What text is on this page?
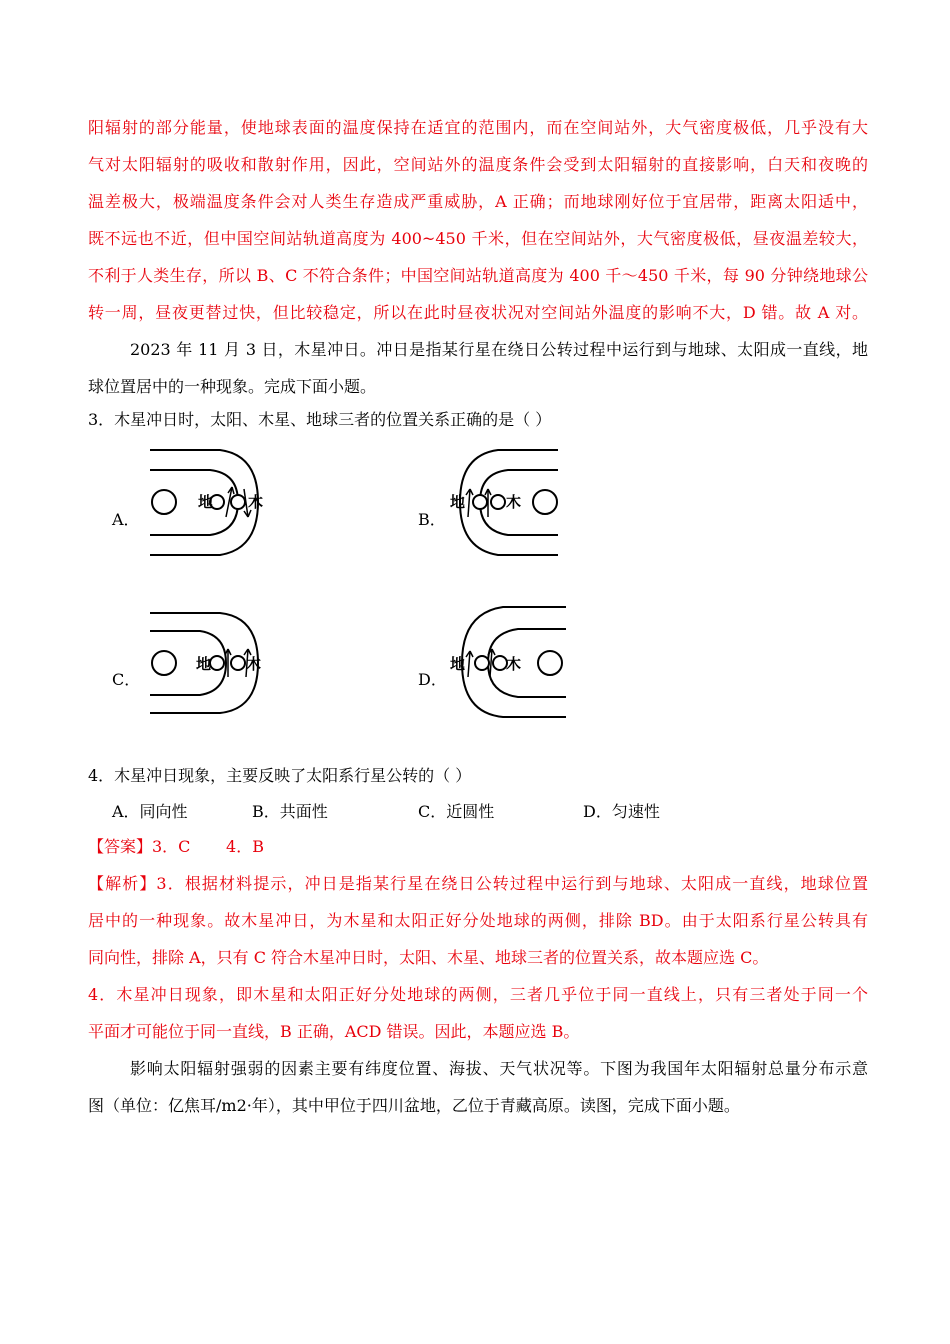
阳辐射的部分能量，使地球表面的温度保持在适宜的范围内，而在空间站外，大气密度极低，几乎没有大
气对太阳辐射的吸收和散射作用，因此，空间站外的温度条件会受到太阳辐射的直接影响，白天和夜晚的
温差极大，极端温度条件会对人类生存造成严重威胁，A 正确；而地球刚好位于宜居带，距离太阳适中，
既不远也不近，但中国空间站轨道高度为 400~450 千米，但在空间站外，大气密度极低，昼夜温差较大，
不利于人类生存，所以 B、C 不符合条件；中国空间站轨道高度为 400 千～450 千米，每 90 分钟绕地球公
转一周，昼夜更替过快，但比较稳定，所以在此时昼夜状况对空间站外温度的影响不大，D 错。故 A 对。
2023 年 11 月 3 日，木星冲日。冲日是指某行星在绕日公转过程中运行到与地球、太阳成一直线，地
球位置居中的一种现象。完成下面小题。
3．木星冲日时，太阳、木星、地球三者的位置关系正确的是（ ）
A．
地 木
B．
地	木
C．
地 木
D．
地	木
4．木星冲日现象，主要反映了太阳系行星公转的（ ）
A．同向性	B．共面性	C．近圆性	D．匀速性
【答案】3．C       4．B
【解析】3．根据材料提示，冲日是指某行星在绕日公转过程中运行到与地球、太阳成一直线，地球位置
居中的一种现象。故木星冲日，为木星和太阳正好分处地球的两侧，排除 BD。由于太阳系行星公转具有
同向性，排除 A，只有 C 符合木星冲日时，太阳、木星、地球三者的位置关系，故本题应选 C。
4．木星冲日现象，即木星和太阳正好分处地球的两侧，三者几乎位于同一直线上，只有三者处于同一个
平面才可能位于同一直线，B 正确，ACD 错误。因此，本题应选 B。
影响太阳辐射强弱的因素主要有纬度位置、海拔、天气状况等。下图为我国年太阳辐射总量分布示意
图（单位：亿焦耳/m2·年），其中甲位于四川盆地，乙位于青藏高原。读图，完成下面小题。
